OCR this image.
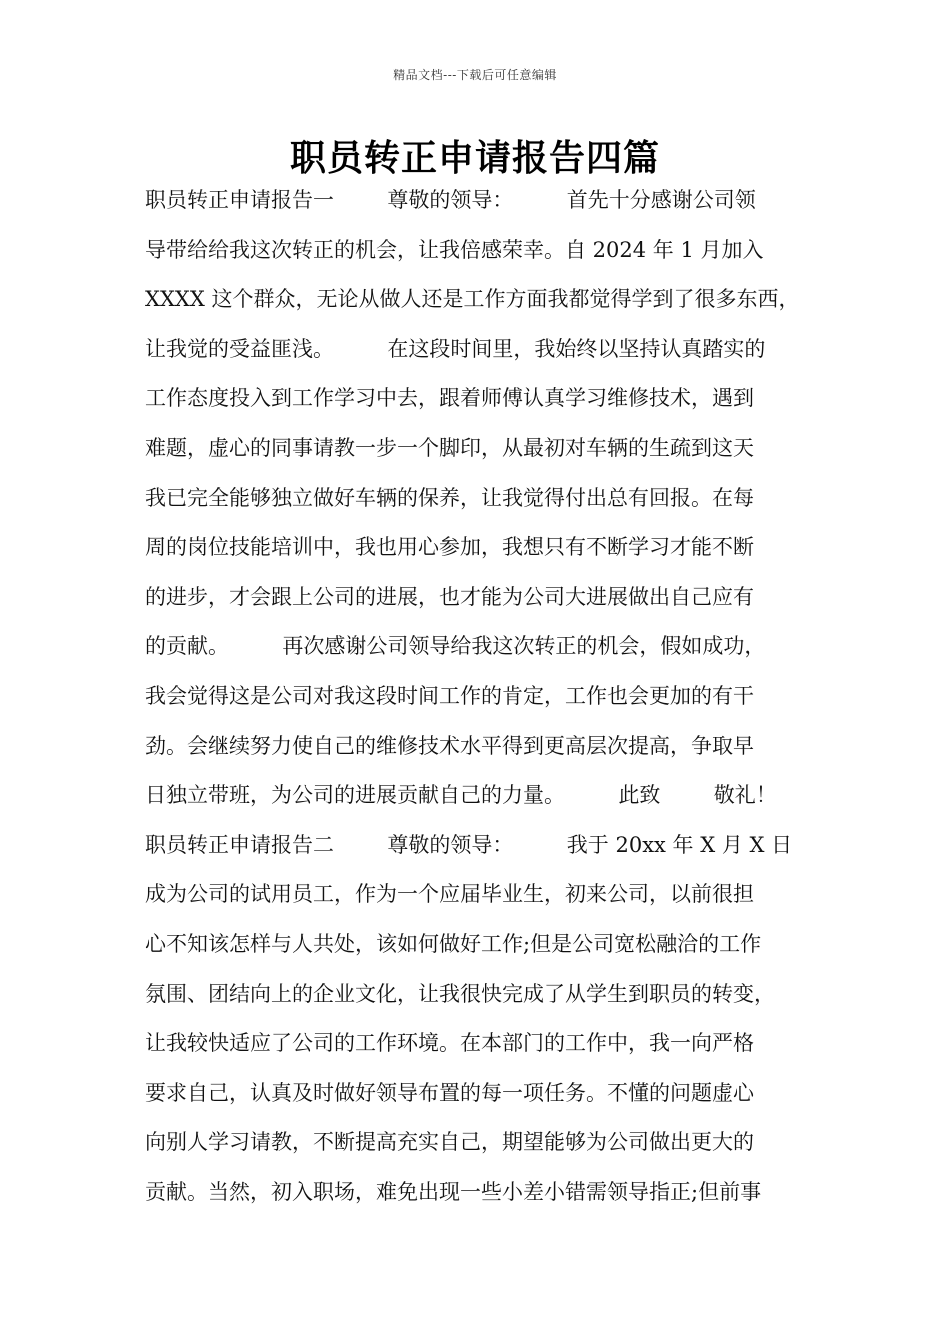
精品文档---下载后可任意编辑
职员转正申请报告四篇
职员转正申请报告一        尊敬的领导：        首先十分感谢公司领
导带给给我这次转正的机会，让我倍感荣幸。自 2024 年 1 月加入
XXXX 这个群众，无论从做人还是工作方面我都觉得学到了很多东西，
让我觉的受益匪浅。        在这段时间里，我始终以坚持认真踏实的
工作态度投入到工作学习中去，跟着师傅认真学习维修技术，遇到
难题，虚心的同事请教一步一个脚印，从最初对车辆的生疏到这天
我已完全能够独立做好车辆的保养，让我觉得付出总有回报。在每
周的岗位技能培训中，我也用心参加，我想只有不断学习才能不断
的进步，才会跟上公司的进展，也才能为公司大进展做出自己应有
的贡献。        再次感谢公司领导给我这次转正的机会，假如成功，
我会觉得这是公司对我这段时间工作的肯定，工作也会更加的有干
劲。会继续努力使自己的维修技术水平得到更高层次提高，争取早
日独立带班，为公司的进展贡献自己的力量。        此致        敬礼！
职员转正申请报告二        尊敬的领导：        我于 20xx 年 X 月 X 日
成为公司的试用员工，作为一个应届毕业生，初来公司，以前很担
心不知该怎样与人共处，该如何做好工作;但是公司宽松融洽的工作
氛围、团结向上的企业文化，让我很快完成了从学生到职员的转变，
让我较快适应了公司的工作环境。在本部门的工作中，我一向严格
要求自己，认真及时做好领导布置的每一项任务。不懂的问题虚心
向别人学习请教，不断提高充实自己，期望能够为公司做出更大的
贡献。当然，初入职场，难免出现一些小差小错需领导指正;但前事
